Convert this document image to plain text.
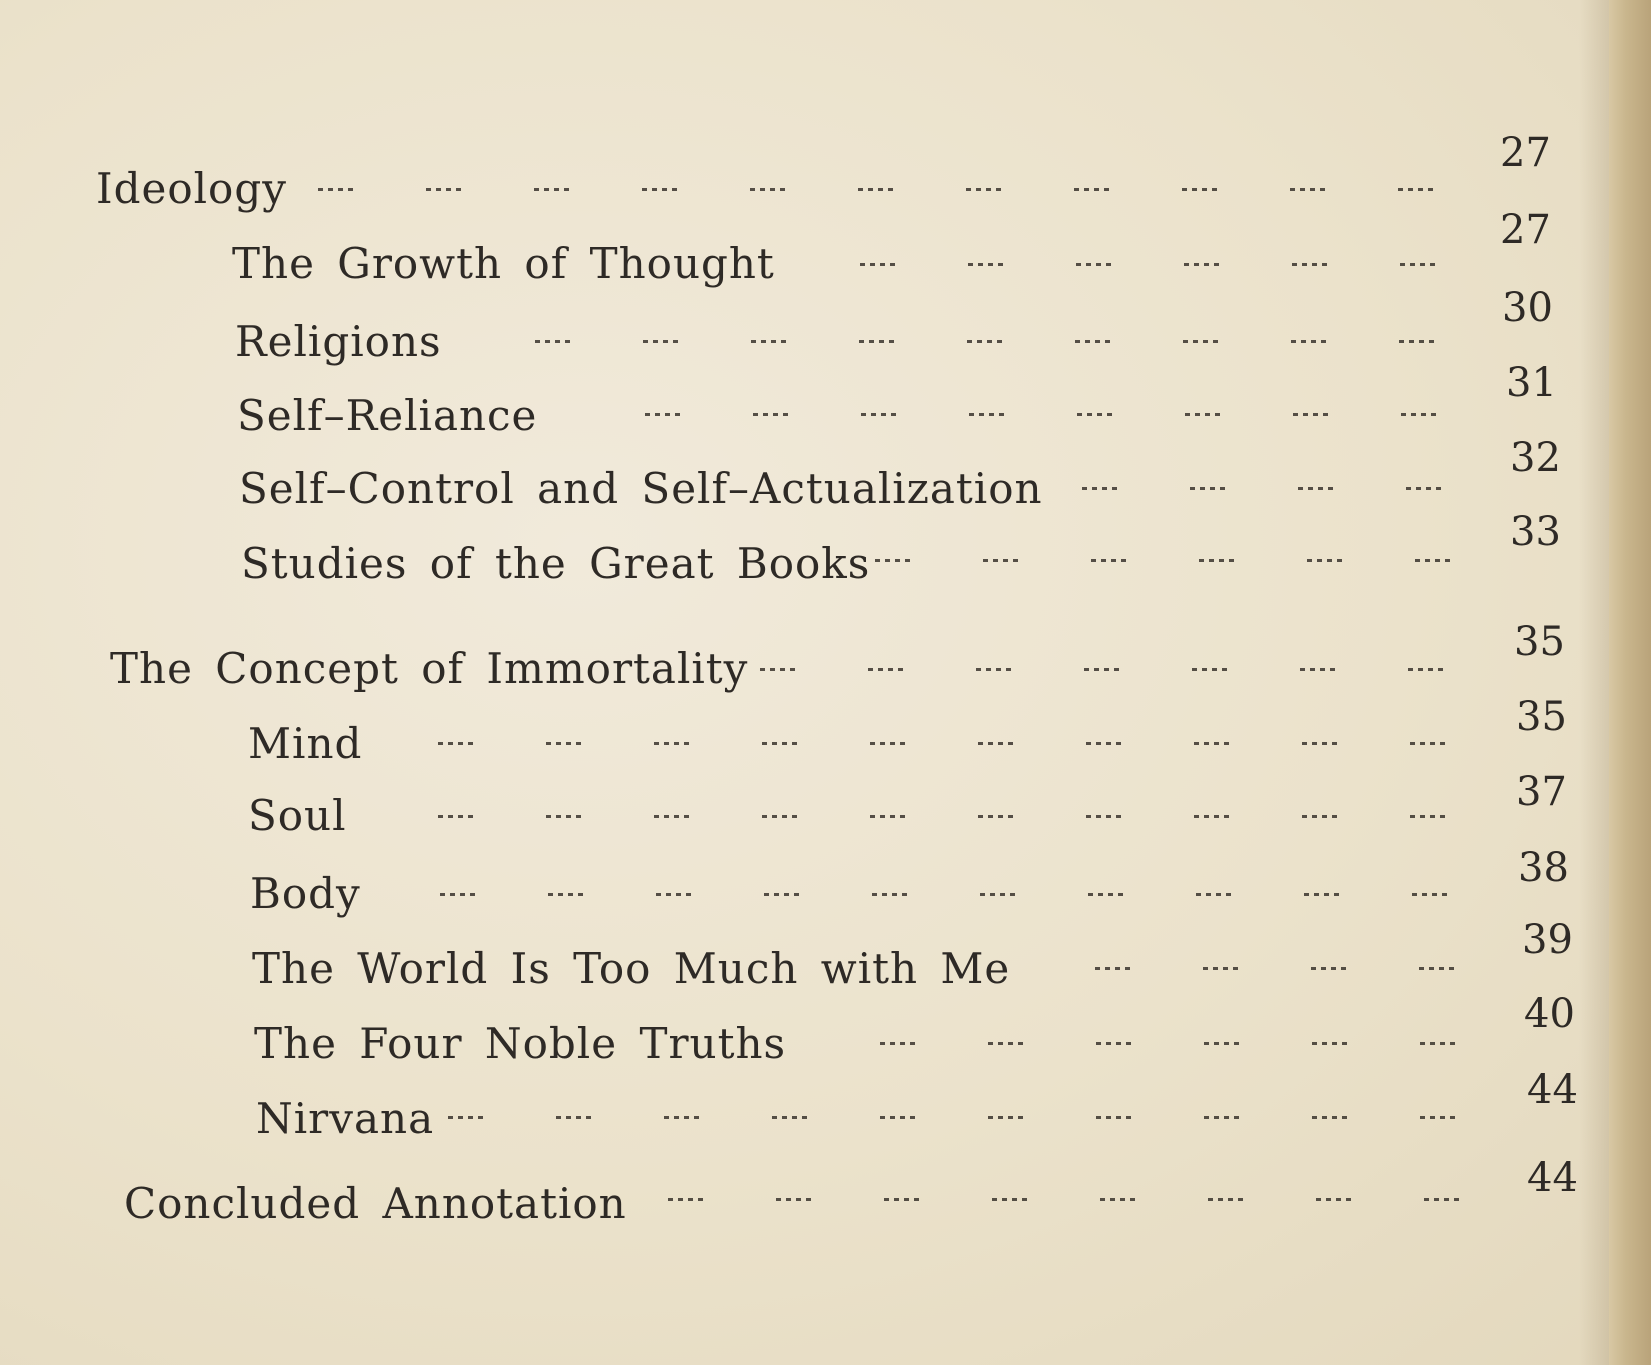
Ideology
27
The Growth of Thought
27
Religions
30
Self–Reliance
31
Self–Control and Self–Actualization
32
Studies of the Great Books
33
The Concept of Immortality
35
Mind
35
Soul	37
Body
38
The World Is Too Much with Me
39
The Four Noble Truths
40
Nirvana
44
Concluded Annotation
44
